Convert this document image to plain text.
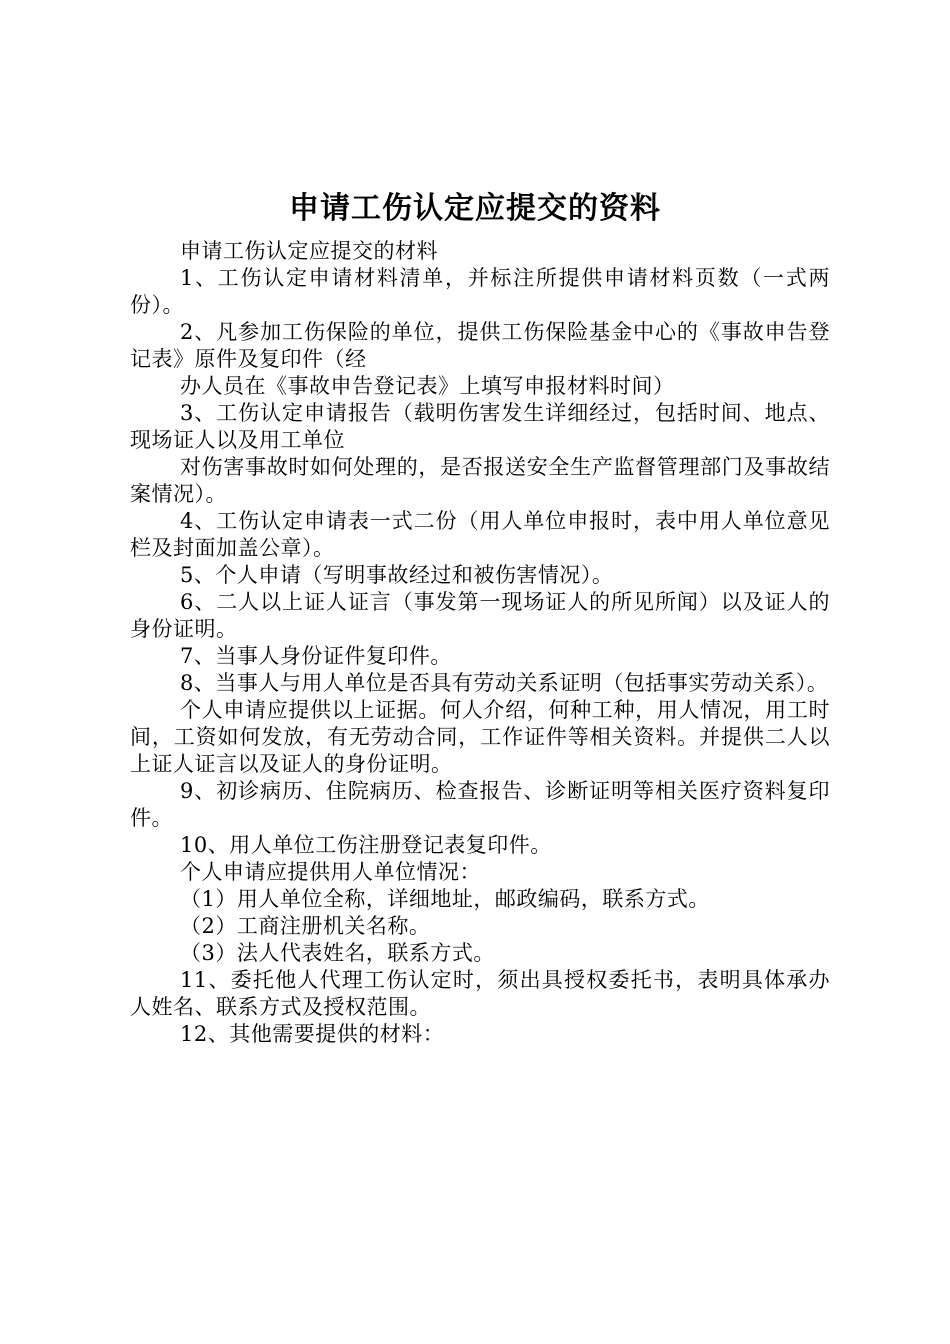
申请工伤认定应提交的资料

申请工伤认定应提交的材料

1、工伤认定申请材料清单，并标注所提供申请材料页数（一式两份）。

2、凡参加工伤保险的单位，提供工伤保险基金中心的《事故申告登记表》原件及复印件（经

办人员在《事故申告登记表》上填写申报材料时间）

3、工伤认定申请报告（载明伤害发生详细经过，包括时间、地点、现场证人以及用工单位

对伤害事故时如何处理的，是否报送安全生产监督管理部门及事故结案情况）。

4、工伤认定申请表一式二份（用人单位申报时，表中用人单位意见栏及封面加盖公章）。

5、个人申请（写明事故经过和被伤害情况）。

6、二人以上证人证言（事发第一现场证人的所见所闻）以及证人的身份证明。

7、当事人身份证件复印件。

8、当事人与用人单位是否具有劳动关系证明（包括事实劳动关系）。

个人申请应提供以上证据。何人介绍，何种工种，用人情况，用工时间，工资如何发放，有无劳动合同，工作证件等相关资料。并提供二人以上证人证言以及证人的身份证明。

9、初诊病历、住院病历、检查报告、诊断证明等相关医疗资料复印件。

10、用人单位工伤注册登记表复印件。

个人申请应提供用人单位情况：

（1）用人单位全称，详细地址，邮政编码，联系方式。

（2）工商注册机关名称。

（3）法人代表姓名，联系方式。

11、委托他人代理工伤认定时，须出具授权委托书，表明具体承办人姓名、联系方式及授权范围。

12、其他需要提供的材料：
